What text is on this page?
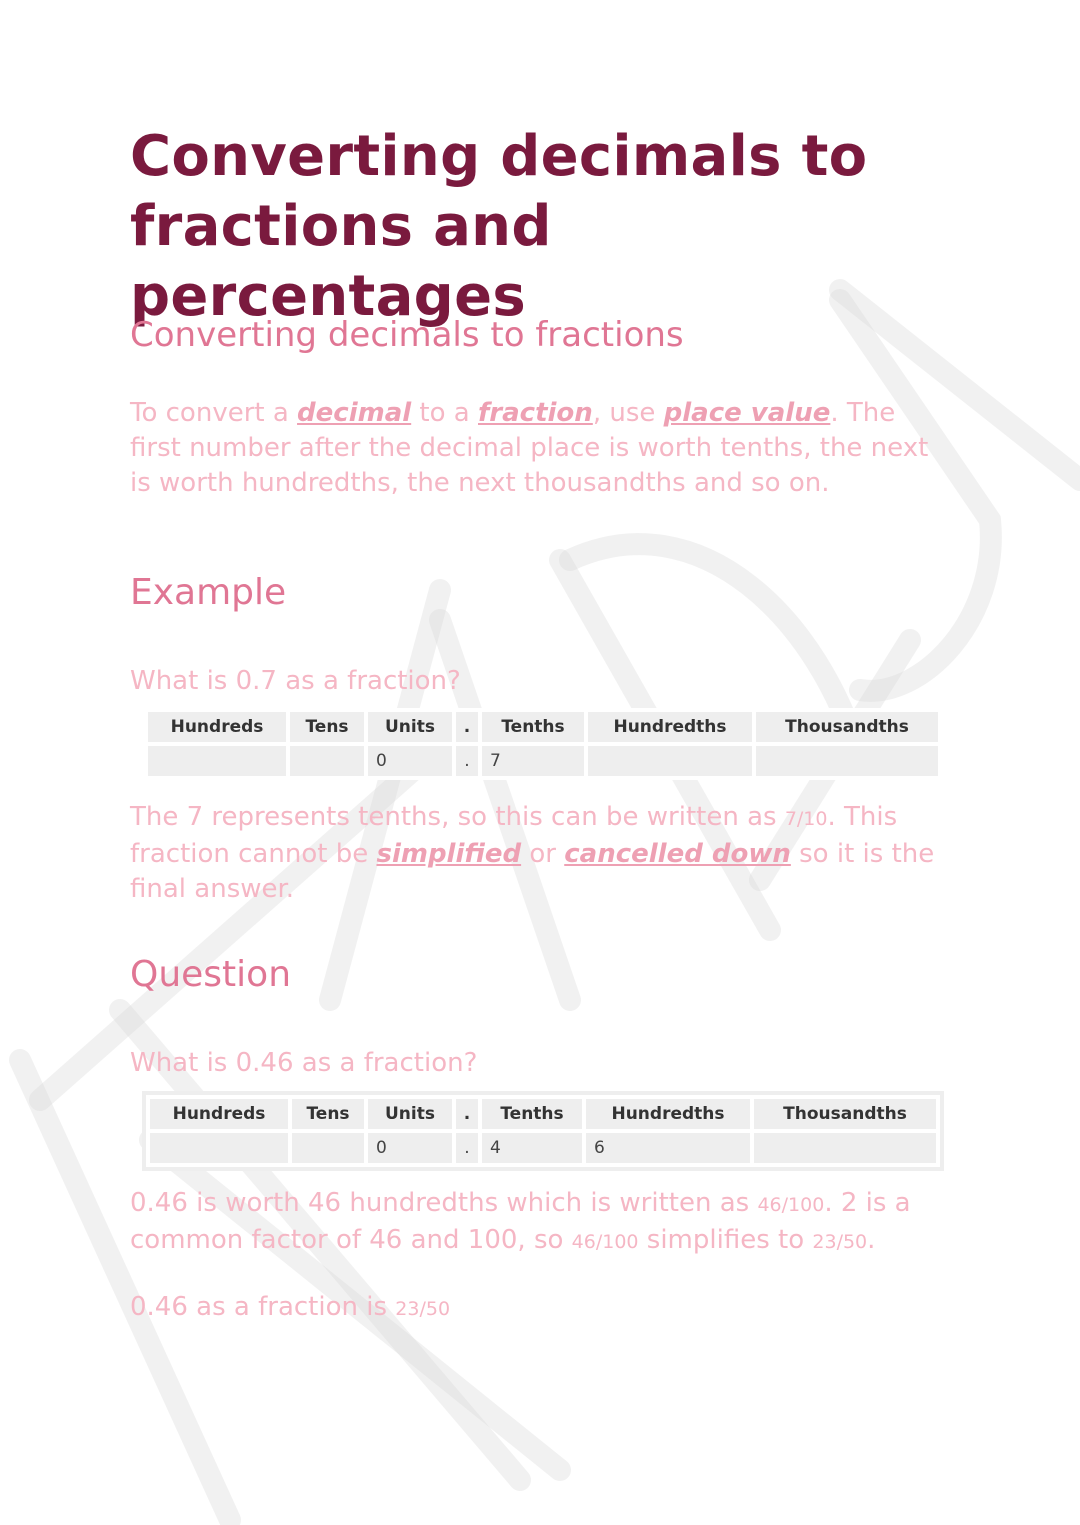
Converting decimals to fractions and percentages
Converting decimals to fractions

To convert a decimal to a fraction, use place value. The first number after the decimal place is worth tenths, the next is worth hundredths, the next thousandths and so on.

Example

What is 0.7 as a fraction?

The 7 represents tenths, so this can be written as 7/10. This fraction cannot be simplified or cancelled down so it is the final answer.

Question

What is 0.46 as a fraction?

0.46 is worth 46 hundredths which is written as 46/100. 2 is a common factor of 46 and 100, so 46/100 simplifies to 23/50.

0.46 as a fraction is 23/50

Hundreds	Tens	Units	.	Tenths	Hundredths	Thousandths
		0	.	7		
Hundreds	Tens	Units	.	Tenths	Hundredths	Thousandths
		0	.	4	6	
